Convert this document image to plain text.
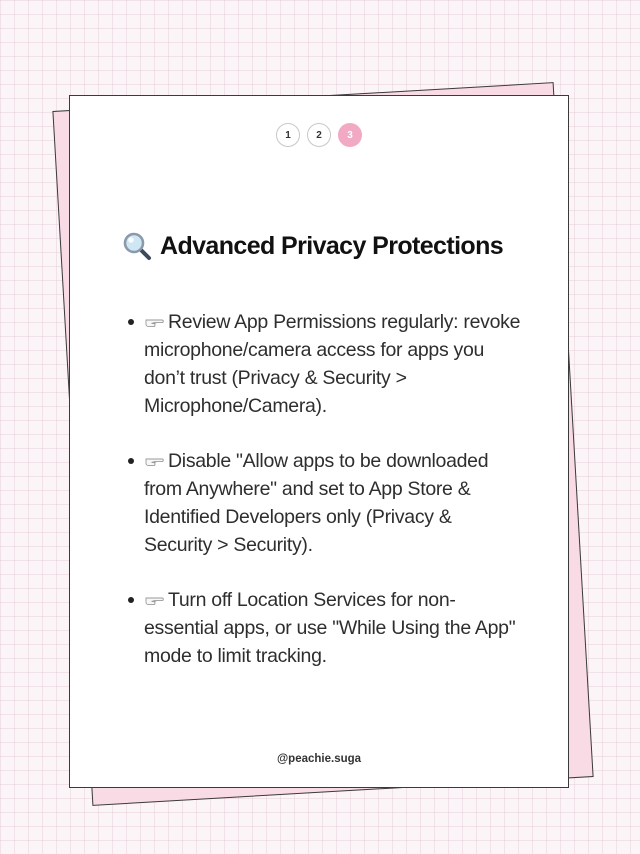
1	2	3
Advanced Privacy Protections
Review App Permissions regularly: revoke microphone/camera access for apps you don’t trust (Privacy & Security > Microphone/Camera).
Disable "Allow apps to be downloaded from Anywhere" and set to App Store & Identified Developers only (Privacy & Security > Security).
Turn off Location Services for non-essential apps, or use "While Using the App" mode to limit tracking.
@peachie.suga
